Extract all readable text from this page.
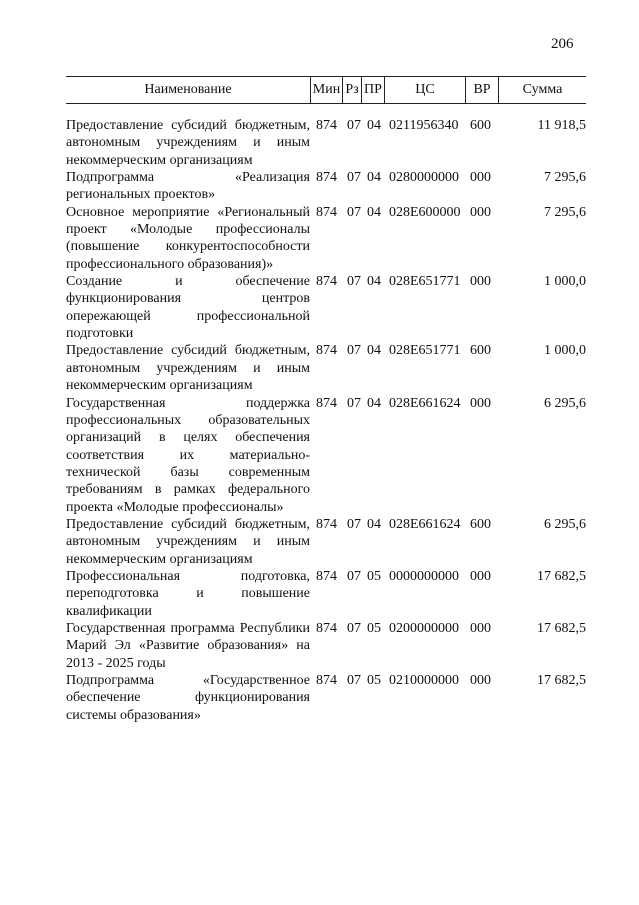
206
Наименование	Мин Рз ПР	ЦС	ВР	Сумма
Предоставление субсидий бюджетным, автономным учреждениям и иным некоммерческим организациям
874 07 04 0211956340 600	11 918,5
Подпрограмма «Реализация региональных проектов»
874 07 04 0280000000 000	7 295,6
Основное мероприятие «Региональный проект «Молодые профессионалы (повышение конкурентоспособности профессионального образования)»
874 07 04 028E600000 000	7 295,6
Создание и обеспечение функционирования центров опережающей профессиональной подготовки
874 07 04 028E651771 000	1 000,0
Предоставление субсидий бюджетным, автономным учреждениям и иным некоммерческим организациям
874 07 04 028E651771 600	1 000,0
Государственная поддержка профессиональных образовательных организаций в целях обеспечения соответствия их материально-технической базы современным требованиям в рамках федерального проекта «Молодые профессионалы»
874 07 04 028E661624 000	6 295,6
Предоставление субсидий бюджетным, автономным учреждениям и иным некоммерческим организациям
874 07 04 028E661624 600	6 295,6
Профессиональная подготовка, переподготовка и повышение квалификации
874 07 05 0000000000 000	17 682,5
Государственная программа Республики Марий Эл «Развитие образования» на 2013 - 2025 годы
874 07 05 0200000000 000	17 682,5
Подпрограмма «Государственное обеспечение функционирования системы образования»
874 07 05 0210000000 000	17 682,5
